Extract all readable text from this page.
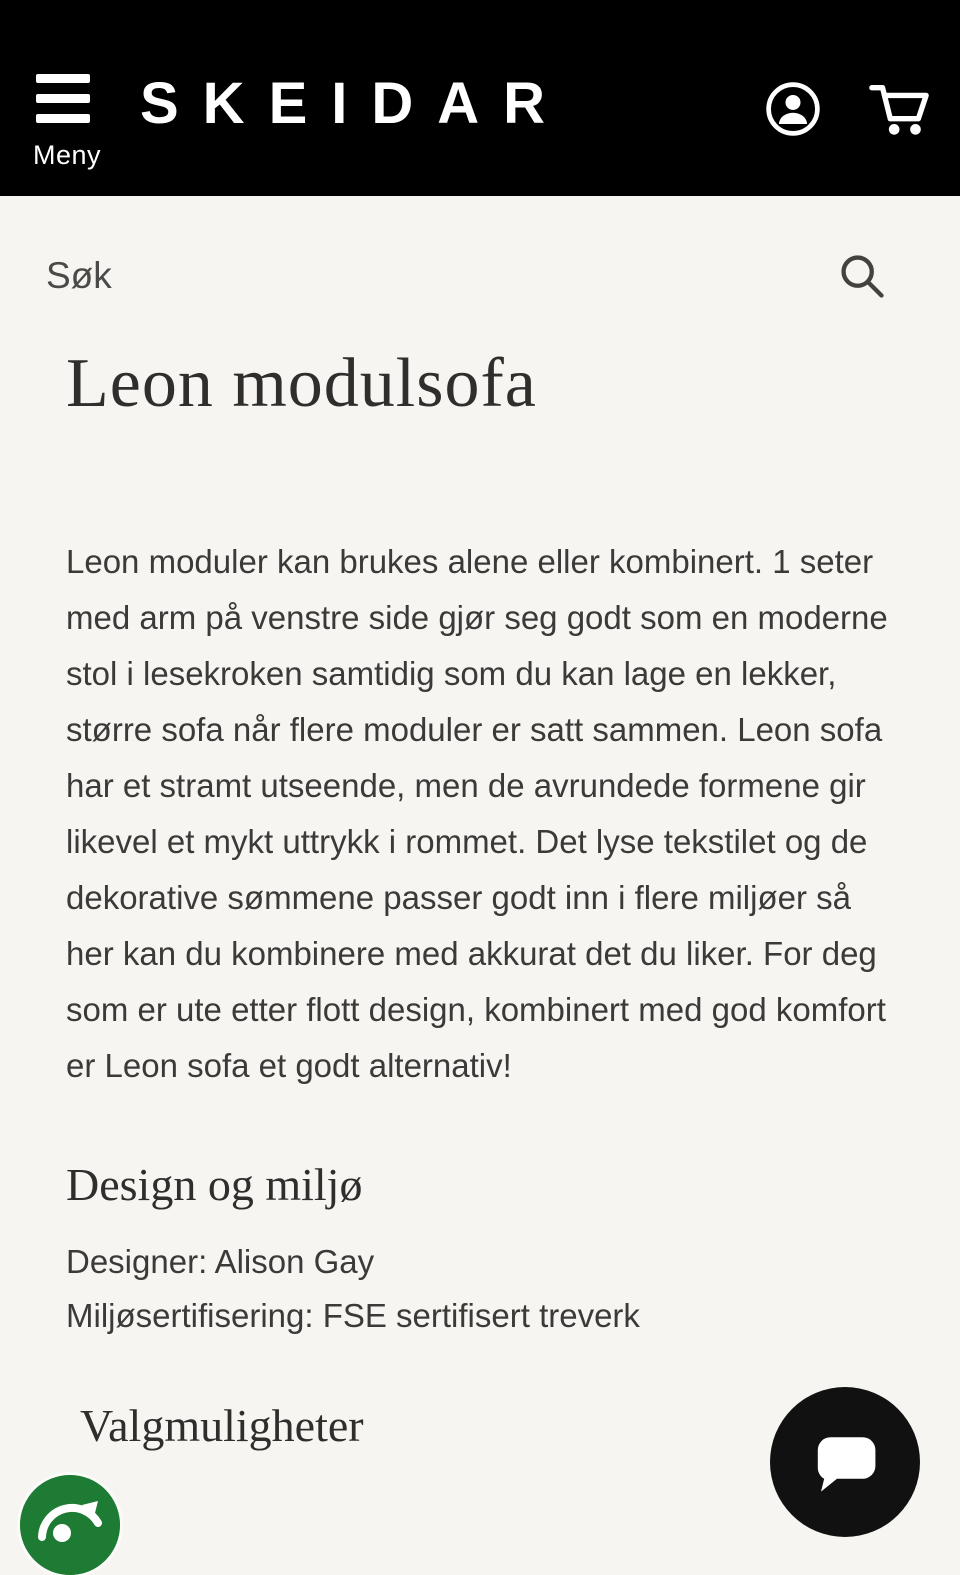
Meny
SKEIDAR
Søk
Leon modulsofa

Leon moduler kan brukes alene eller kombinert. 1 seter med arm på venstre side gjør seg godt som en moderne stol i lesekroken samtidig som du kan lage en lekker, større sofa når flere moduler er satt sammen. Leon sofa har et stramt utseende, men de avrundede formene gir likevel et mykt uttrykk i rommet. Det lyse tekstilet og de dekorative sømmene passer godt inn i flere miljøer så her kan du kombinere med akkurat det du liker. For deg som er ute etter flott design, kombinert med god komfort er Leon sofa et godt alternativ!

Design og miljø

Designer: Alison Gay

Miljøsertifisering: FSE sertifisert treverk

Valgmuligheter
